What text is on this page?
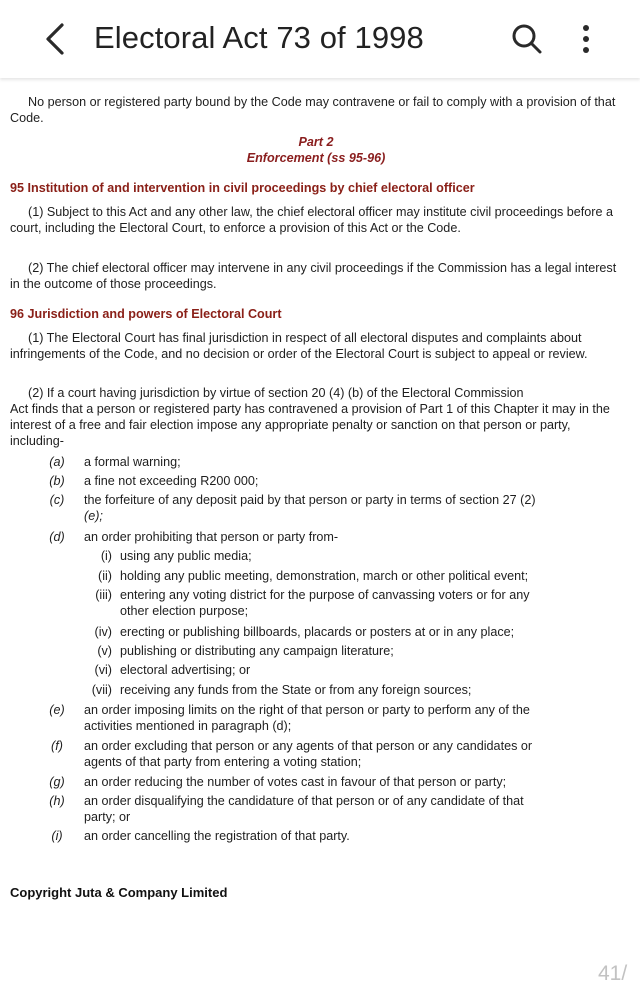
No person or registered party bound by the Code may contravene or fail to comply with a provision of that Code.

Part 2

Enforcement (ss 95-96)

95 Institution of and intervention in civil proceedings by chief electoral officer

(1) Subject to this Act and any other law, the chief electoral officer may institute civil proceedings before a court, including the Electoral Court, to enforce a provision of this Act or the Code.

(2) The chief electoral officer may intervene in any civil proceedings if the Commission has a legal interest in the outcome of those proceedings.

96 Jurisdiction and powers of Electoral Court

(1) The Electoral Court has final jurisdiction in respect of all electoral disputes and complaints about infringements of the Code, and no decision or order of the Electoral Court is subject to appeal or review.

(2) If a court having jurisdiction by virtue of section 20 (4) (b) of the Electoral Commission

Act finds that a person or registered party has contravened a provision of Part 1 of this Chapter it may in the interest of a free and fair election impose any appropriate penalty or sanction on that person or party, including-

(a)	a formal warning;
(b)	a fine not exceeding R200 000;
(c)	the forfeiture of any deposit paid by that person or party in terms of section 27 (2)
(e);
(d)	an order prohibiting that person or party from-
(i) using any public media;
(ii) holding any public meeting, demonstration, march or other political event;
(iii) entering any voting district for the purpose of canvassing voters or for any
other election purpose;
(iv) erecting or publishing billboards, placards or posters at or in any place;
(v) publishing or distributing any campaign literature;
(vi) electoral advertising; or
(vii) receiving any funds from the State or from any foreign sources;
(e)	an order imposing limits on the right of that person or party to perform any of the
activities mentioned in paragraph (d);
(f)	an order excluding that person or any agents of that person or any candidates or
agents of that party from entering a voting station;
(g)	an order reducing the number of votes cast in favour of that person or party;
(h)	an order disqualifying the candidature of that person or of any candidate of that
party; or
(i)	an order cancelling the registration of that party.
Copyright Juta & Company Limited
41/
Electoral Act 73 of 1998
